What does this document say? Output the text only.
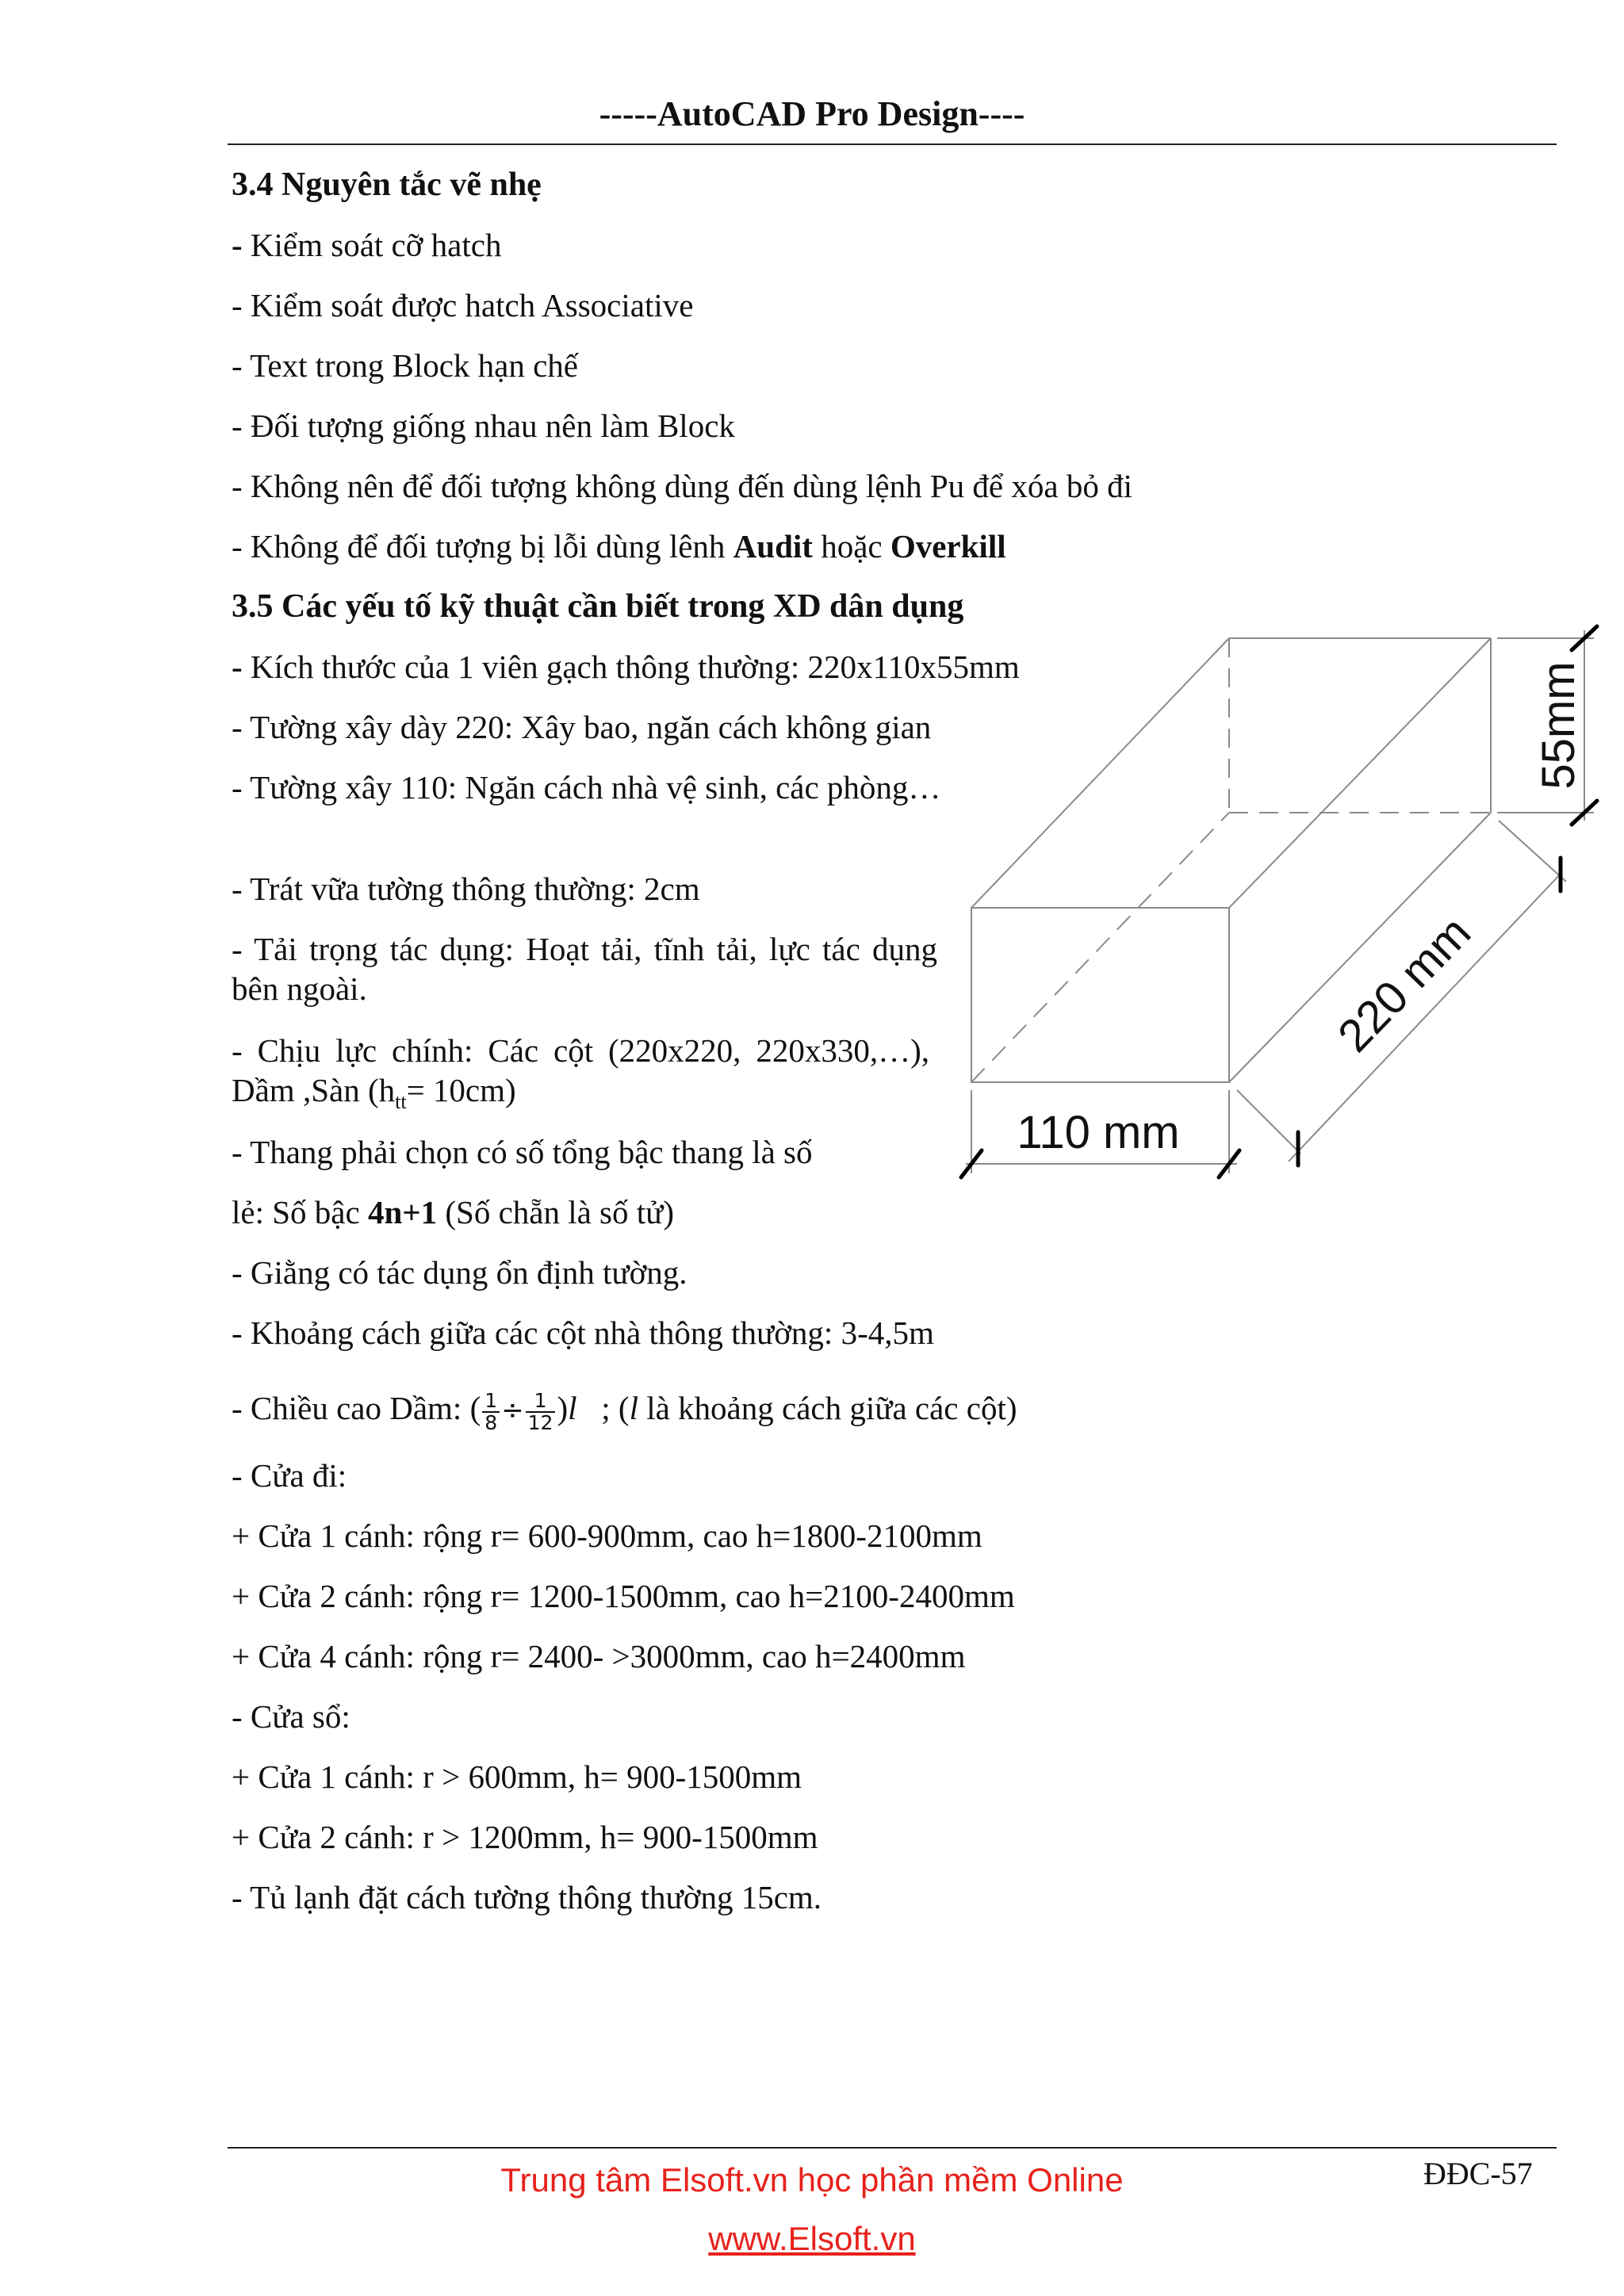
-----AutoCAD Pro Design----
3.4 Nguyên tắc vẽ nhẹ
- Kiểm soát cỡ hatch
- Kiểm soát được hatch Associative
- Text trong Block hạn chế
- Đối tượng giống nhau nên làm Block
- Không nên để đối tượng không dùng đến dùng lệnh Pu để xóa bỏ đi
- Không để đối tượng bị lỗi dùng lênh Audit hoặc Overkill
3.5 Các yếu tố kỹ thuật cần biết trong XD dân dụng
- Kích thước của 1 viên gạch thông thường: 220x110x55mm
- Tường xây dày 220: Xây bao, ngăn cách không gian
- Tường xây 110: Ngăn cách nhà vệ sinh, các phòng…
- Trát vữa tường thông thường: 2cm
- Tải trọng tác dụng: Hoạt tải, tĩnh tải, lực tác dụng bên ngoài.
- Chịu lực chính: Các cột (220x220, 220x330,…), Dầm ,Sàn $(h_{tt}= 10cm)$
- Thang phải chọn có số tổng bậc thang là số
lẻ: Số bậc 4n+1 (Số chẵn là số tử)
- Giằng có tác dụng ổn định tường.
- Khoảng cách giữa các cột nhà thông thường: 3-4,5m
- Chiều cao Dầm: ( $\frac{1}{8} \div \frac{1}{12} )l$   ; (l là khoảng cách giữa các cột)
- Cửa đi:
+ Cửa 1 cánh: rộng r= 600-900mm, cao h=1800-2100mm
+ Cửa 2 cánh: rộng r= 1200-1500mm, cao h=2100-2400mm
+ Cửa 4 cánh: rộng r= 2400- >3000mm, cao h=2400mm
- Cửa sổ:
+ Cửa 1 cánh: r > 600mm, h= 900-1500mm
+ Cửa 2 cánh: r > 1200mm, h= 900-1500mm
- Tủ lạnh đặt cách tường thông thường 15cm.
110 mm
55mm
220 mm
Trung tâm Elsoft.vn học phần mềm Online
www.Elsoft.vn
ĐĐC-57
